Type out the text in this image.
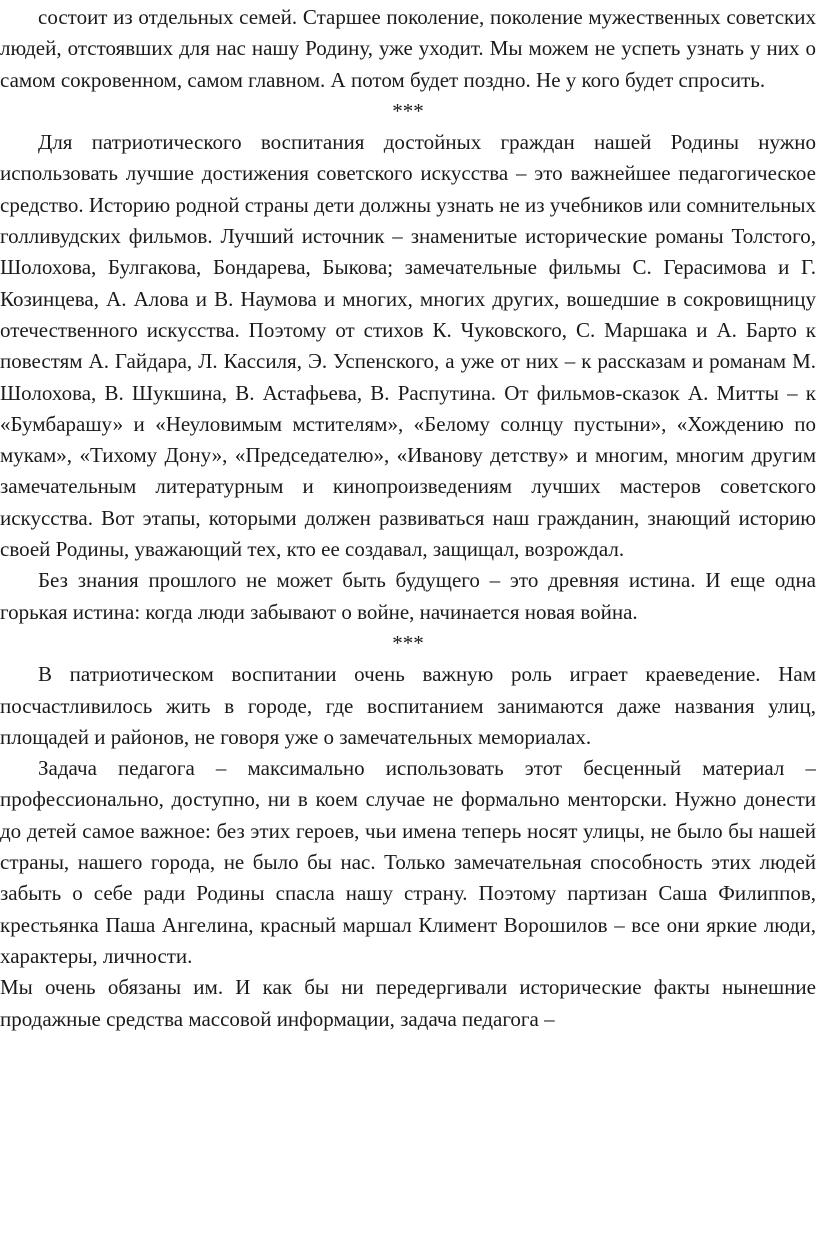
состоит из отдельных семей. Старшее поколение, поколение мужественных советских людей, отстоявших для нас нашу Родину, уже уходит. Мы можем не успеть узнать у них о самом сокровенном, самом главном. А потом будет поздно. Не у кого будет спросить.

***

Для патриотического воспитания достойных граждан нашей Родины нужно использовать лучшие достижения советского искусства – это важнейшее педагогическое средство. Историю родной страны дети должны узнать не из учебников или сомнительных голливудских фильмов. Лучший источник – знаменитые исторические романы Толстого, Шолохова, Булгакова, Бондарева, Быкова; замечательные фильмы С. Герасимова и Г. Козинцева, А. Алова и В. Наумова и многих, многих других, вошедшие в сокровищницу отечественного искусства. Поэтому от стихов К. Чуковского, С. Маршака и А. Барто к повестям А. Гайдара, Л. Кассиля, Э. Успенского, а уже от них – к рассказам и романам М. Шолохова, В. Шукшина, В. Астафьева, В. Распутина. От фильмов-сказок А. Митты – к «Бумбарашу» и «Неуловимым мстителям», «Белому солнцу пустыни», «Хождению по мукам», «Тихому Дону», «Председателю», «Иванову детству» и многим, многим другим замечательным литературным и кинопроизведениям лучших мастеров советского искусства. Вот этапы, которыми должен развиваться наш гражданин, знающий историю своей Родины, уважающий тех, кто ее создавал, защищал, возрождал.

Без знания прошлого не может быть будущего – это древняя истина. И еще одна горькая истина: когда люди забывают о войне, начинается новая война.

***

В патриотическом воспитании очень важную роль играет краеведение. Нам посчастливилось жить в городе, где воспитанием занимаются даже названия улиц, площадей и районов, не говоря уже о замечательных мемориалах.

Задача педагога – максимально использовать этот бесценный материал – профессионально, доступно, ни в коем случае не формально менторски. Нужно донести до детей самое важное: без этих героев, чьи имена теперь носят улицы, не было бы нашей страны, нашего города, не было бы нас. Только замечательная способность этих людей забыть о себе ради Родины спасла нашу страну. Поэтому партизан Саша Филиппов, крестьянка Паша Ангелина, красный маршал Климент Ворошилов – все они яркие люди, характеры, личности.

Мы очень обязаны им. И как бы ни передергивали исторические факты нынешние продажные средства массовой информации, задача педагога –
